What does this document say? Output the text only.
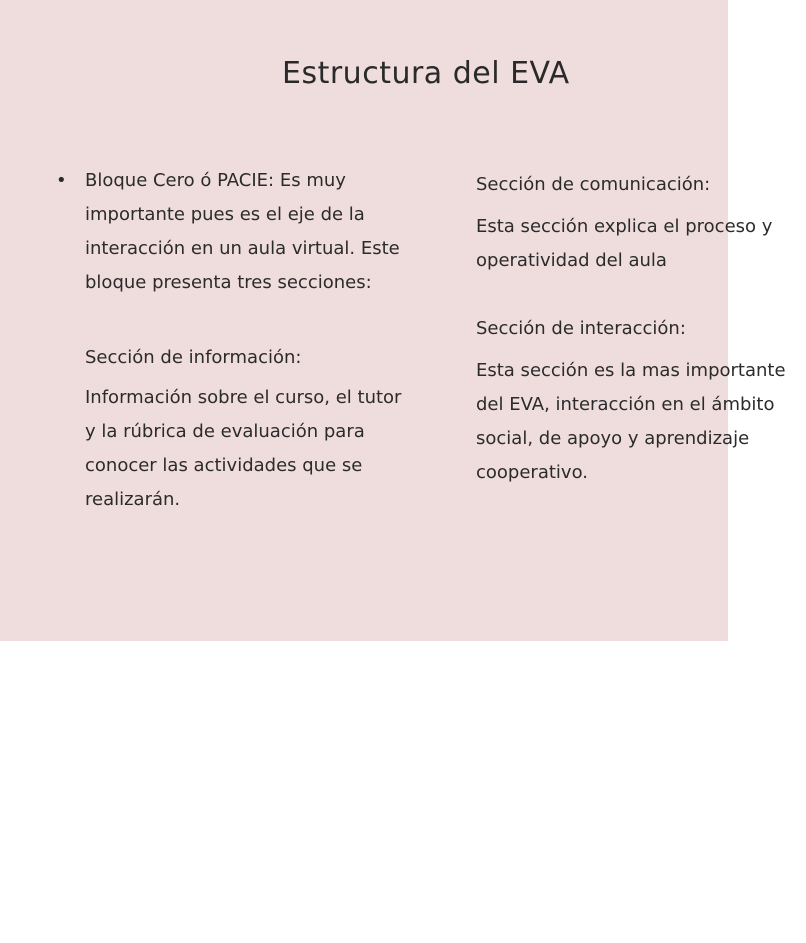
Estructura del EVA
• Bloque Cero ó PACIE: Es muy
importante pues es el eje de la
interacción en un aula virtual. Este
bloque presenta tres secciones:
Sección de información:
Información sobre el curso, el tutor
y la rúbrica de evaluación para
conocer las actividades que se
realizarán.
Sección de comunicación:
Esta sección explica el proceso y
operatividad del aula
Sección de interacción:
Esta sección es la mas importante
del EVA, interacción en el ámbito
social, de apoyo y aprendizaje
cooperativo.
